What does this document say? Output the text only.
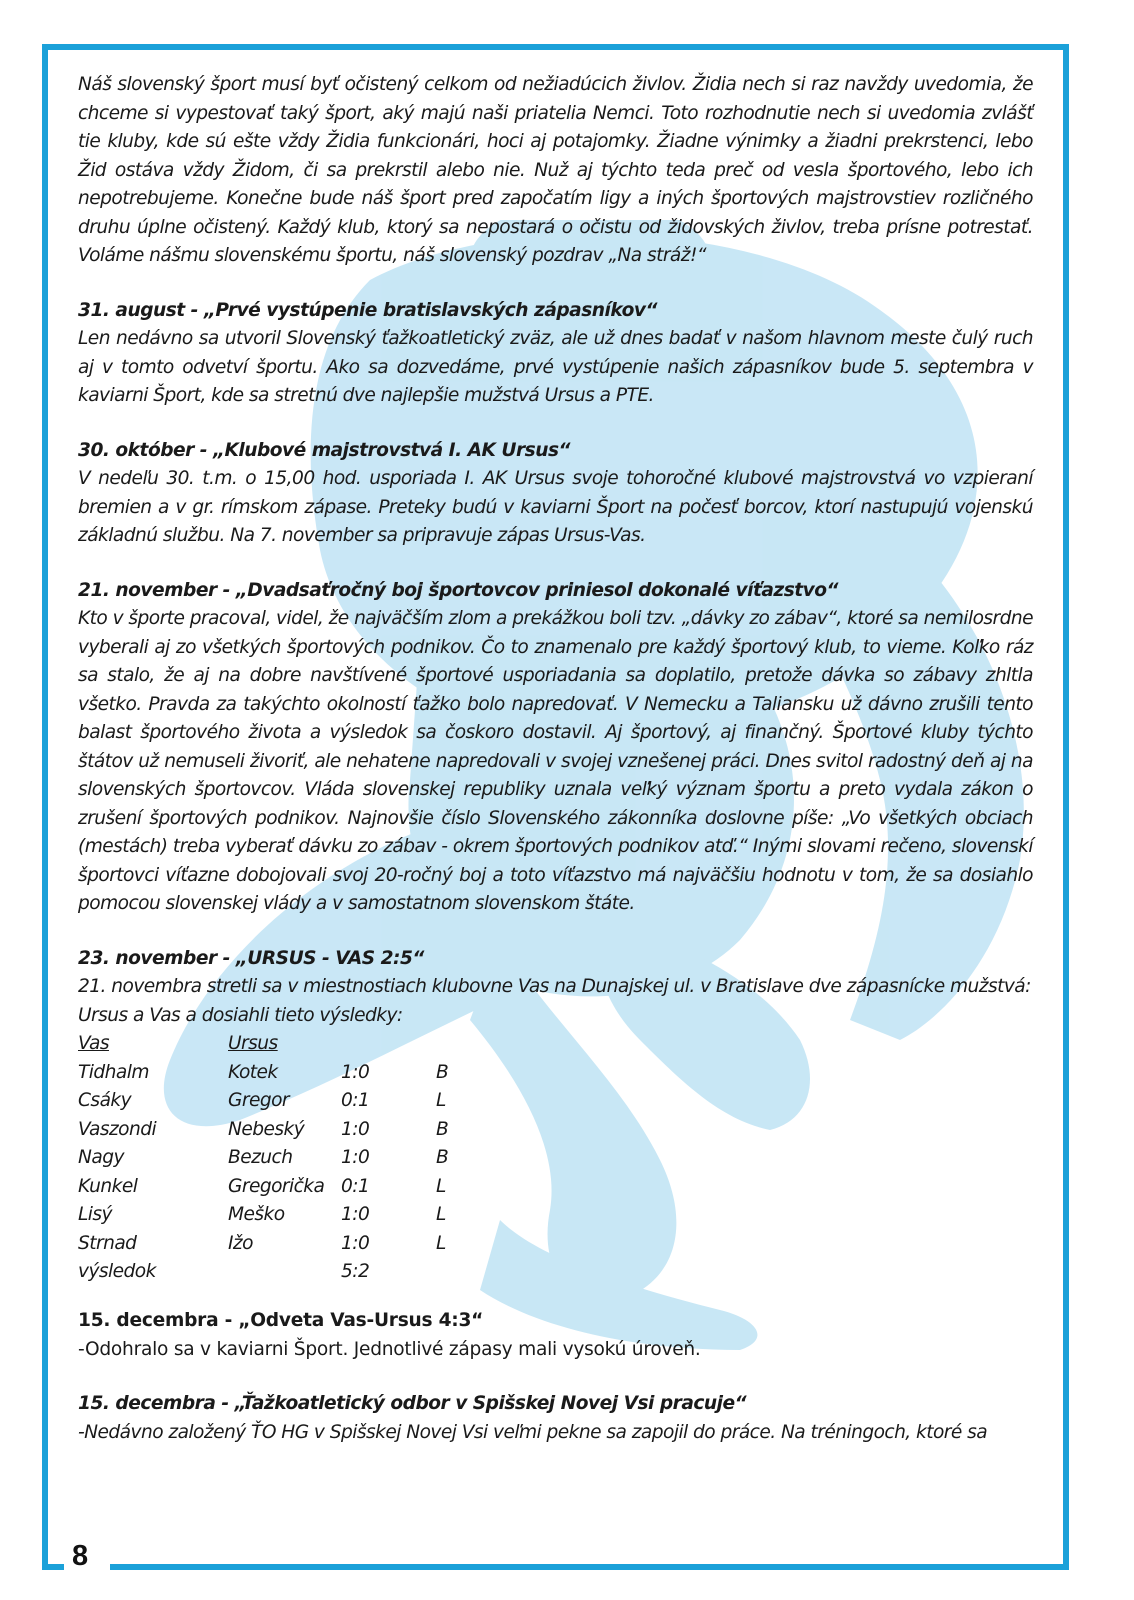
8

Náš slovenský šport musí byť očistený celkom od nežiadúcich živlov. Židia nech si raz navždy uvedomia, že chceme si vypestovať taký šport, aký majú naši priatelia Nemci. Toto rozhodnutie nech si uvedomia zvlášť tie kluby, kde sú ešte vždy Židia funkcionári, hoci aj potajomky. Žiadne výnimky a žiadni prekrstenci, lebo Žid ostáva vždy Židom, či sa prekrstil alebo nie. Nuž aj týchto teda preč od vesla športového, lebo ich nepotrebujeme. Konečne bude náš šport pred započatím ligy a iných športových majstrovstiev rozličného druhu úplne očistený. Každý klub, ktorý sa nepostará o očistu od židovských živlov, treba prísne potrestať. Voláme nášmu slovenskému športu, náš slovenský pozdrav „Na stráž!“

31. august - „Prvé vystúpenie bratislavských zápasníkov“

Len nedávno sa utvoril Slovenský ťažkoatletický zväz, ale už dnes badať v našom hlavnom meste čulý ruch aj v tomto odvetví športu. Ako sa dozvedáme, prvé vystúpenie našich zápasníkov bude 5. septembra v kaviarni Šport, kde sa stretnú dve najlepšie mužstvá Ursus a PTE.

30. október - „Klubové majstrovstvá I. AK Ursus“

V nedeľu 30. t.m. o 15,00 hod. usporiada I. AK Ursus svoje tohoročné klubové majstrovstvá vo vzpieraní bremien a v gr. rímskom zápase. Preteky budú v kaviarni Šport na počesť borcov, ktorí nastupujú vojenskú základnú službu. Na 7. november sa pripravuje zápas Ursus-Vas.

21. november - „Dvadsaťročný boj športovcov priniesol dokonalé víťazstvo“

Kto v športe pracoval, videl, že najväčším zlom a prekážkou boli tzv. „dávky zo zábav“, ktoré sa nemilosrdne vyberali aj zo všetkých športových podnikov. Čo to znamenalo pre každý športový klub, to vieme. Koľko ráz sa stalo, že aj na dobre navštívené športové usporiadania sa doplatilo, pretože dávka so zábavy zhltla všetko. Pravda za takýchto okolností ťažko bolo napredovať. V Nemecku a Taliansku už dávno zrušili tento balast športového života a výsledok sa čoskoro dostavil. Aj športový, aj finančný. Športové kluby týchto štátov už nemuseli živoriť, ale nehatene napredovali v svojej vznešenej práci. Dnes svitol radostný deň aj na slovenských športovcov. Vláda slovenskej republiky uznala veľký význam športu a preto vydala zákon o zrušení športových podnikov. Najnovšie číslo Slovenského zákonníka doslovne píše: „Vo všetkých obciach (mestách) treba vyberať dávku zo zábav - okrem športových podnikov atď.“ Inými slovami rečeno, slovenskí športovci víťazne dobojovali svoj 20-ročný boj a toto víťazstvo má najväčšiu hodnotu v tom, že sa dosiahlo pomocou slovenskej vlády a v samostatnom slovenskom štáte.

23. november - „URSUS - VAS 2:5“

21. novembra stretli sa v miestnostiach klubovne Vas na Dunajskej ul. v Bratislave dve zápasnícke mužstvá: Ursus a Vas a dosiahli tieto výsledky:

Vas	Ursus
Tidhalm	Kotek	1:0	B
Csáky	Gregor	0:1	L
Vaszondi	Nebeský 1:0	B
Nagy	Bezuch	1:0	B
Kunkel	Gregorička 0:1	L
Lisý	Meško	1:0	L
Strnad	Ižo	1:0	L
výsledok	5:2

15. decembra - „Odveta Vas-Ursus 4:3“

-Odohralo sa v kaviarni Šport. Jednotlivé zápasy mali vysokú úroveň.

15. decembra - „Ťažkoatletický odbor v Spišskej Novej Vsi pracuje“

-Nedávno založený ŤO HG v Spišskej Novej Vsi veľmi pekne sa zapojil do práce. Na tréningoch, ktoré sa
